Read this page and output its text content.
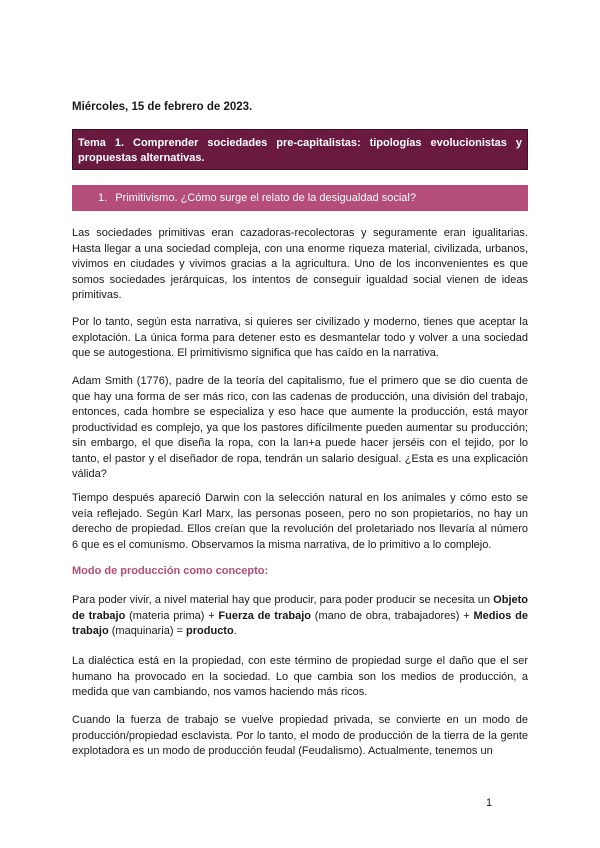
Miércoles, 15 de febrero de 2023.
Tema 1. Comprender sociedades pre-capitalistas: tipologías evolucionistas y propuestas alternativas.
1. Primitivismo. ¿Cómo surge el relato de la desigualdad social?

Las sociedades primitivas eran cazadoras-recolectoras y seguramente eran igualitarias. Hasta llegar a una sociedad compleja, con una enorme riqueza material, civilizada, urbanos, vivimos en ciudades y vivimos gracias a la agricultura. Uno de los inconvenientes es que somos sociedades jerárquicas, los intentos de conseguir igualdad social vienen de ideas primitivas.

Por lo tanto, según esta narrativa, si quieres ser civilizado y moderno, tienes que aceptar la explotación. La única forma para detener esto es desmantelar todo y volver a una sociedad que se autogestiona. El primitivismo significa que has caído en la narrativa.

Adam Smith (1776), padre de la teoría del capitalismo, fue el primero que se dio cuenta de que hay una forma de ser más rico, con las cadenas de producción, una división del trabajo, entonces, cada hombre se especializa y eso hace que aumente la producción, está mayor productividad es complejo, ya que los pastores difícilmente pueden aumentar su producción; sin embargo, el que diseña la ropa, con la lan+a puede hacer jerséis con el tejido, por lo tanto, el pastor y el diseñador de ropa, tendrán un salario desigual. ¿Esta es una explicación válida?

Tiempo después apareció Darwin con la selección natural en los animales y cómo esto se veía reflejado. Según Karl Marx, las personas poseen, pero no son propietarios, no hay un derecho de propiedad. Ellos creían que la revolución del proletariado nos llevaría al número 6 que es el comunismo. Observamos la misma narrativa, de lo primitivo a lo complejo.

Modo de producción como concepto:

Para poder vivir, a nivel material hay que producir, para poder producir se necesita un Objeto de trabajo (materia prima) + Fuerza de trabajo (mano de obra, trabajadores) + Medios de trabajo (maquinaria) = producto.

La dialéctica está en la propiedad, con este término de propiedad surge el daño que el ser humano ha provocado en la sociedad. Lo que cambia son los medios de producción, a medida que van cambiando, nos vamos haciendo más ricos.

Cuando la fuerza de trabajo se vuelve propiedad privada, se convierte en un modo de producción/propiedad esclavista. Por lo tanto, el modo de producción de la tierra de la gente explotadora es un modo de producción feudal (Feudalismo). Actualmente, tenemos un

1
